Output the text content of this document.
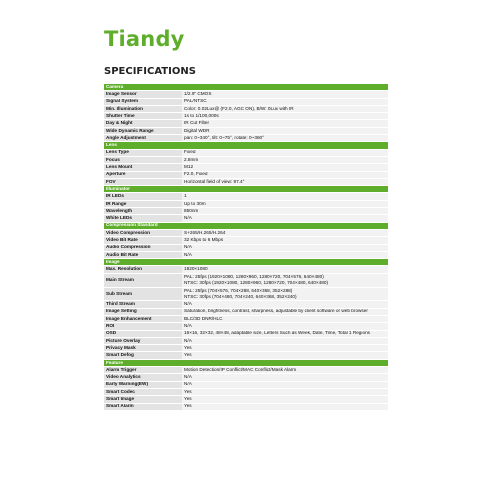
Tiandy
SPECIFICATIONS
Camera	
Image Sensor	1/2.9" CMOS
Signal System	PAL/NTSC
Min. Illumination	Color: 0.02Lux@ (F2.0, AGC ON), B/W: 0Lux with IR
Shutter Time	1s to 1/100,000s
Day & Night	IR Cut Filter
Wide Dynamic Range	Digital WDR
Angle Adjustment	pan: 0~340°, tilt: 0~75°, rotate: 0~360°
Lens	
Lens Type	Fixed
Focus	2.8mm
Lens Mount	M12
Aperture	F2.0, Fixed
FOV	Horizontal field of view: 97.4°
Illuminator	
IR LEDs	1
IR Range	Up to 30m
Wavelength	850nm
White LEDs	N/A
Compression Standard	
Video Compression	S+265/H.265/H.264
Video Bit Rate	32 Kbps to 6 Mbps
Audio Compression	N/A
Audio Bit Rate	N/A
Image	
Max. Resolution	1920×1080
Main Stream	PAL: 25fps (1920×1080, 1280×960, 1280×720, 704×576, 640×480)
NTSC: 30fps (1920×1080, 1280×960, 1280×720, 704×480, 640×480)

Sub Stream	PAL: 25fps (704×576, 704×288, 640×368, 352×288)
NTSC: 30fps (704×480, 704×240, 640×368, 352×240)

Third Stream	N/A
Image Setting	Saturation, brightness, contrast, sharpness, adjustable by client software or web browser
Image Enhancement	BLC/3D DNR/HLC
ROI	N/A
OSD	16×16, 32×32, 48×48, adaptable size, Letters Such as Week, Date, Time, Total 1 Regions
Picture Overlay	N/A
Privacy Mask	Yes
Smart Defog	Yes
Feature	
Alarm Trigger	Motion Detection/IP Conflict/MAC Conflict/Mask Alarm
Video Analytics	N/A
Early Warning(EW)	N/A
Smart Codec	Yes
Smart Image	Yes
Smart Alarm	Yes
